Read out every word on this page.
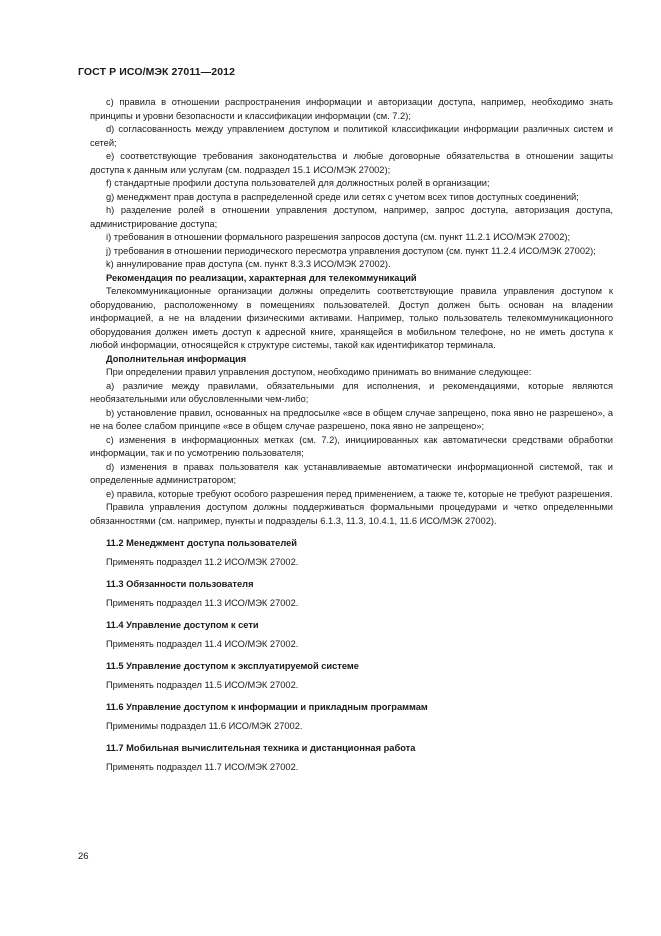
ГОСТ Р ИСО/МЭК 27011—2012

c) правила в отношении распространения информации и авторизации доступа, например, необходимо знать принципы и уровни безопасности и классификации информации (см. 7.2);

d) согласованность между управлением доступом и политикой классификации информации различных систем и сетей;

e) соответствующие требования законодательства и любые договорные обязательства в отношении защиты доступа к данным или услугам (см. подраздел 15.1 ИСО/МЭК 27002);

f) стандартные профили доступа пользователей для должностных ролей в организации;

g) менеджмент прав доступа в распределенной среде или сетях с учетом всех типов доступных соединений;

h) разделение ролей в отношении управления доступом, например, запрос доступа, авторизация доступа, администрирование доступа;

i) требования в отношении формального разрешения запросов доступа (см. пункт 11.2.1 ИСО/МЭК 27002);

j) требования в отношении периодического пересмотра управления доступом (см. пункт 11.2.4 ИСО/МЭК 27002);

k) аннулирование прав доступа (см. пункт 8.3.3 ИСО/МЭК 27002).

Рекомендация по реализации, характерная для телекоммуникаций

Телекоммуникационные организации должны определить соответствующие правила управления доступом к оборудованию, расположенному в помещениях пользователей. Доступ должен быть основан на владении информацией, а не на владении физическими активами. Например, только пользователь телекоммуникационного оборудования должен иметь доступ к адресной книге, хранящейся в мобильном телефоне, но не иметь доступа к любой информации, относящейся к структуре системы, такой как идентификатор терминала.

Дополнительная информация

При определении правил управления доступом, необходимо принимать во внимание следующее:

a) различие между правилами, обязательными для исполнения, и рекомендациями, которые являются необязательными или обусловленными чем-либо;

b) установление правил, основанных на предпосылке «все в общем случае запрещено, пока явно не разрешено», а не на более слабом принципе «все в общем случае разрешено, пока явно не запрещено»;

c) изменения в информационных метках (см. 7.2), инициированных как автоматически средствами обработки информации, так и по усмотрению пользователя;

d) изменения в правах пользователя как устанавливаемые автоматически информационной системой, так и определенные администратором;

e) правила, которые требуют особого разрешения перед применением, а также те, которые не требуют разрешения.

Правила управления доступом должны поддерживаться формальными процедурами и четко определенными обязанностями (см. например, пункты и подразделы 6.1.3, 11.3, 10.4.1, 11.6 ИСО/МЭК 27002).

11.2 Менеджмент доступа пользователей

Применять подраздел 11.2 ИСО/МЭК 27002.

11.3 Обязанности пользователя

Применять подраздел 11.3 ИСО/МЭК 27002.

11.4 Управление доступом к сети

Применять подраздел 11.4 ИСО/МЭК 27002.

11.5 Управление доступом к эксплуатируемой системе

Применять подраздел 11.5 ИСО/МЭК 27002.

11.6 Управление доступом к информации и прикладным программам

Применимы подраздел 11.6 ИСО/МЭК 27002.

11.7 Мобильная вычислительная техника и дистанционная работа

Применять подраздел 11.7 ИСО/МЭК 27002.

26
